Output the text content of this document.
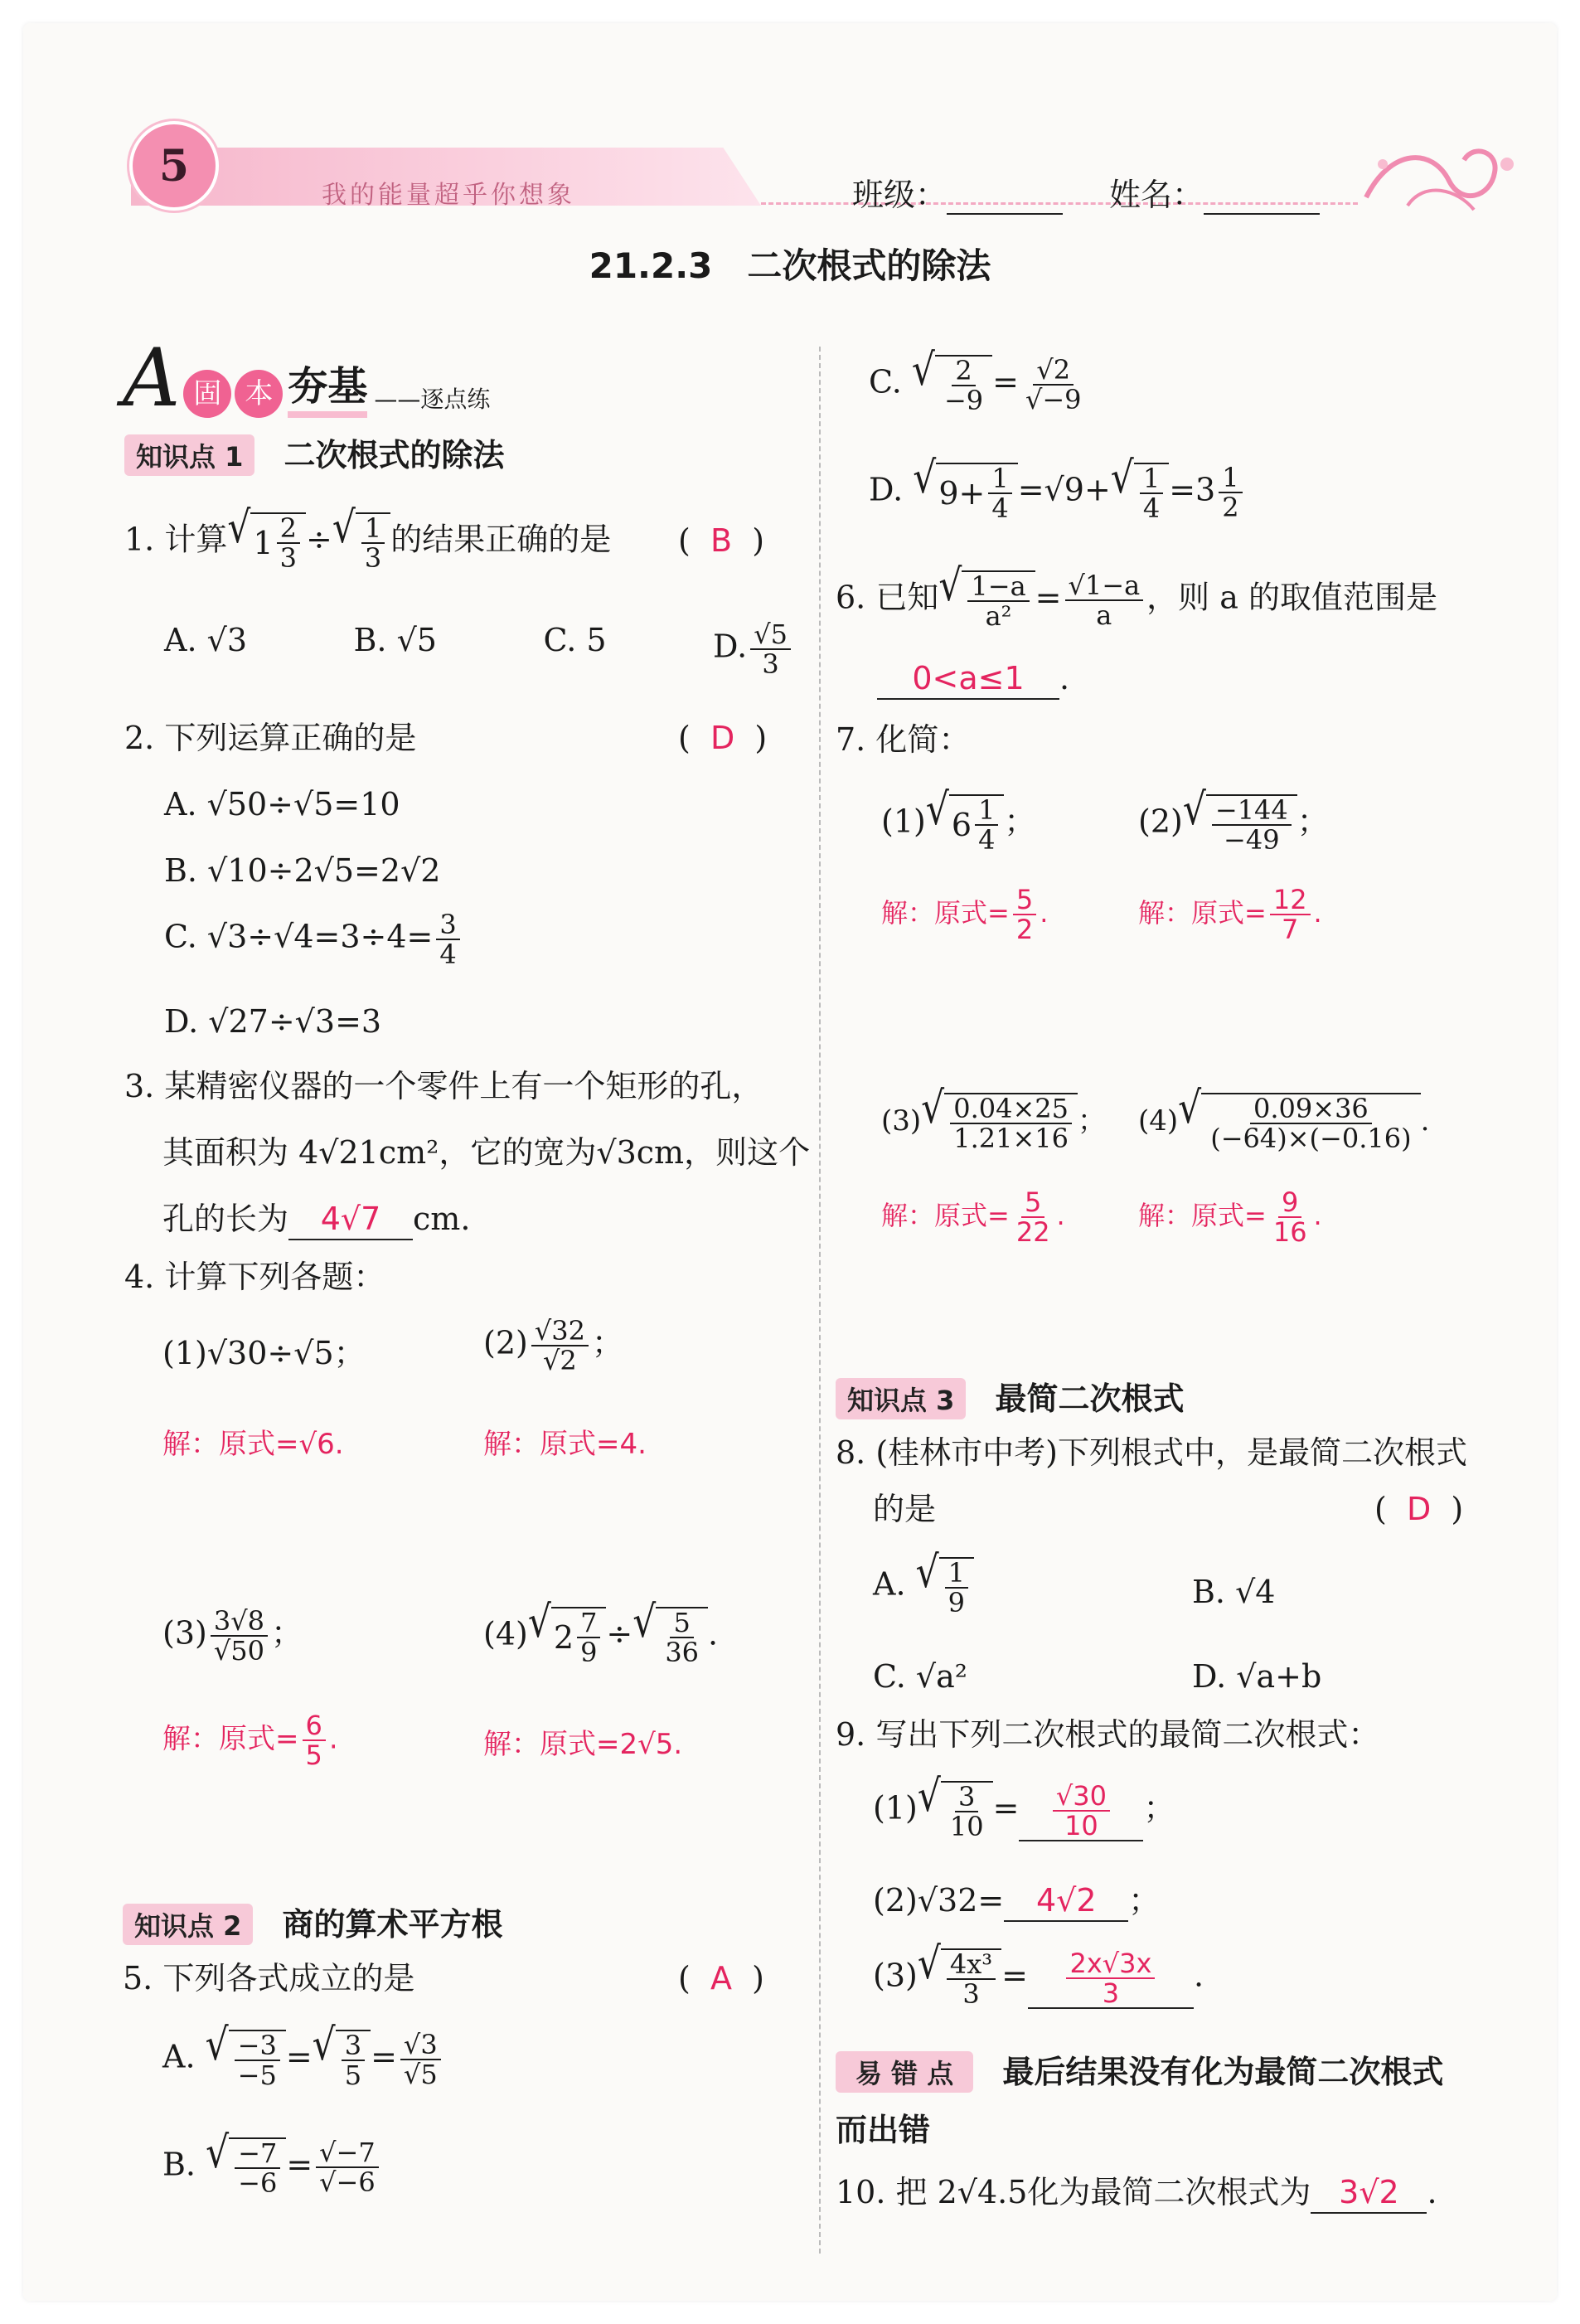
5
我的能量超乎你想象	班级：	姓名：
21.2.3　二次根式的除法
A 固 本 夯基 ——逐点练
知识点 1 二次根式的除法
1. 计算 √ $1 \frac{2}{3}$ ÷ √ $\frac{1}{3}$ 的结果正确的是 (  B  )
A. √3	B. √5	C. 5	D. $\frac{√5}{3}$
2. 下列运算正确的是	(  D  )
A. √50÷√5=10
B. √10÷2√5=2√2
C. $√3\div√4=3\div 4= \frac{3}{4}$
D. √27÷√3=3
3. 某精密仪器的一个零件上有一个矩形的孔，
其面积为 4√21cm²，它的宽为√3cm，则这个
孔的长为 4√7 cm.
4. 计算下列各题：
(1)√30÷√5；	$(2) \frac{√32}{√2}$ ；
解：原式=√6.	解：原式=4.
$(3) \frac{3√8}{√50}$ ；	(4) √ $2 \frac{7}{9}$ ÷ √ $\frac{5}{36}$ .
解：原式= $\frac{6}{5}$ .	解：原式=2√5.
知识点 2 商的算术平方根
5. 下列各式成立的是	(  A  )
A. √ $\frac{-3}{-5}$ = √ $\frac{3}{5} = \frac{√3}{√5}$
B. √ $\frac{-7}{-6} = \frac{√-7}{√-6}$
C. √ $\frac{2}{-9} = \frac{√2}{√-9}$
D. √ $9+ \frac{1}{4} =√9+$ √ $\frac{1}{4} =3 \frac{1}{2}$
6. 已知 √ $\frac{1-a}{\text{a²}} = \frac{√1-a}{a}$ ，则 a 的取值范围是
0<a≤1 .
7. 化简：
(1) √ $6 \frac{1}{4}$ ；	(2) √ $\frac{-144}{-49}$ ；
解：原式= $\frac{5}{2}$ .	解：原式= $\frac{12}{7}$ .
(3) √ $\frac{0.04\times 25}{1.21\times 16}$ ； (4) √ $\frac{0.09\times 36}{(-64)\times(-0.16)}$ .
解：原式= $\frac{5}{22}$ .	解：原式= $\frac{9}{16}$ .
知识点 3 最简二次根式
8. (桂林市中考)下列根式中，是最简二次根式
的是	(  D  )
A. √ $\frac{1}{9}$	B. √4
C. √a²	D. √a+b
9. 写出下列二次根式的最简二次根式：
(1) √ $\frac{3}{10} = \frac{√30}{10}$ ；
(2)√32= 4√2 ；
(3) √ $\frac{\text{4x³}}{3} = \frac{2x√3x}{3}$ .
易 错 点 最后结果没有化为最简二次根式
而出错
10. 把 2√4.5化为最简二次根式为 3√2 .
